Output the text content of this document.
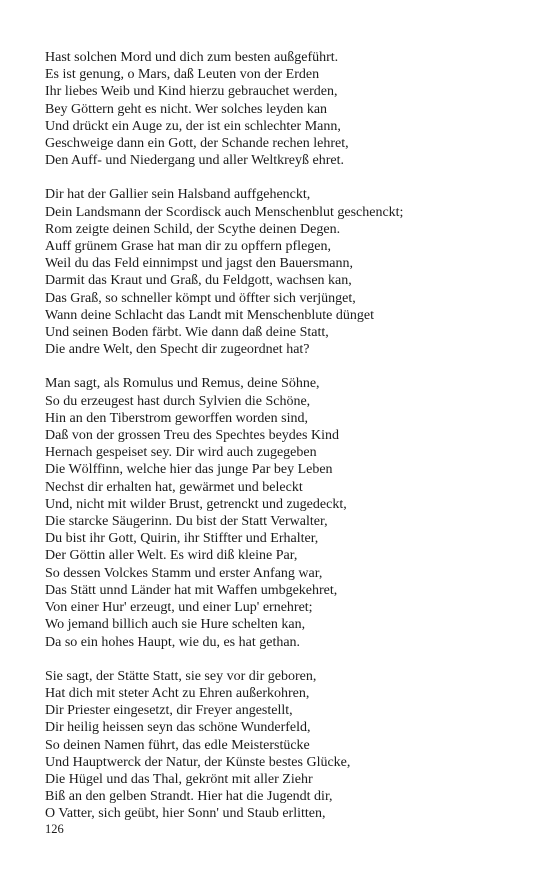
Hast solchen Mord und dich zum besten außgeführt.
Es ist genung, o Mars, daß Leuten von der Erden
Ihr liebes Weib und Kind hierzu gebrauchet werden,
Bey Göttern geht es nicht. Wer solches leyden kan
Und drückt ein Auge zu, der ist ein schlechter Mann,
Geschweige dann ein Gott, der Schande rechen lehret,
Den Auff- und Niedergang und aller Weltkreyß ehret.
Dir hat der Gallier sein Halsband auffgehenckt,
Dein Landsmann der Scordisck auch Menschenblut geschenckt;
Rom zeigte deinen Schild, der Scythe deinen Degen.
Auff grünem Grase hat man dir zu opffern pflegen,
Weil du das Feld einnimpst und jagst den Bauersmann,
Darmit das Kraut und Graß, du Feldgott, wachsen kan,
Das Graß, so schneller kömpt und öffter sich verjünget,
Wann deine Schlacht das Landt mit Menschenblute dünget
Und seinen Boden färbt. Wie dann daß deine Statt,
Die andre Welt, den Specht dir zugeordnet hat?
Man sagt, als Romulus und Remus, deine Söhne,
So du erzeugest hast durch Sylvien die Schöne,
Hin an den Tiberstrom geworffen worden sind,
Daß von der grossen Treu des Spechtes beydes Kind
Hernach gespeiset sey. Dir wird auch zugegeben
Die Wölffinn, welche hier das junge Par bey Leben
Nechst dir erhalten hat, gewärmet und beleckt
Und, nicht mit wilder Brust, getrenckt und zugedeckt,
Die starcke Säugerinn. Du bist der Statt Verwalter,
Du bist ihr Gott, Quirin, ihr Stiffter und Erhalter,
Der Göttin aller Welt. Es wird diß kleine Par,
So dessen Volckes Stamm und erster Anfang war,
Das Stätt unnd Länder hat mit Waffen umbgekehret,
Von einer Hur' erzeugt, und einer Lup' ernehret;
Wo jemand billich auch sie Hure schelten kan,
Da so ein hohes Haupt, wie du, es hat gethan.
Sie sagt, der Stätte Statt, sie sey vor dir geboren,
Hat dich mit steter Acht zu Ehren außerkohren,
Dir Priester eingesetzt, dir Freyer angestellt,
Dir heilig heissen seyn das schöne Wunderfeld,
So deinen Namen führt, das edle Meisterstücke
Und Hauptwerck der Natur, der Künste bestes Glücke,
Die Hügel und das Thal, gekrönt mit aller Ziehr
Biß an den gelben Strandt. Hier hat die Jugendt dir,
O Vatter, sich geübt, hier Sonn' und Staub erlitten,
126
